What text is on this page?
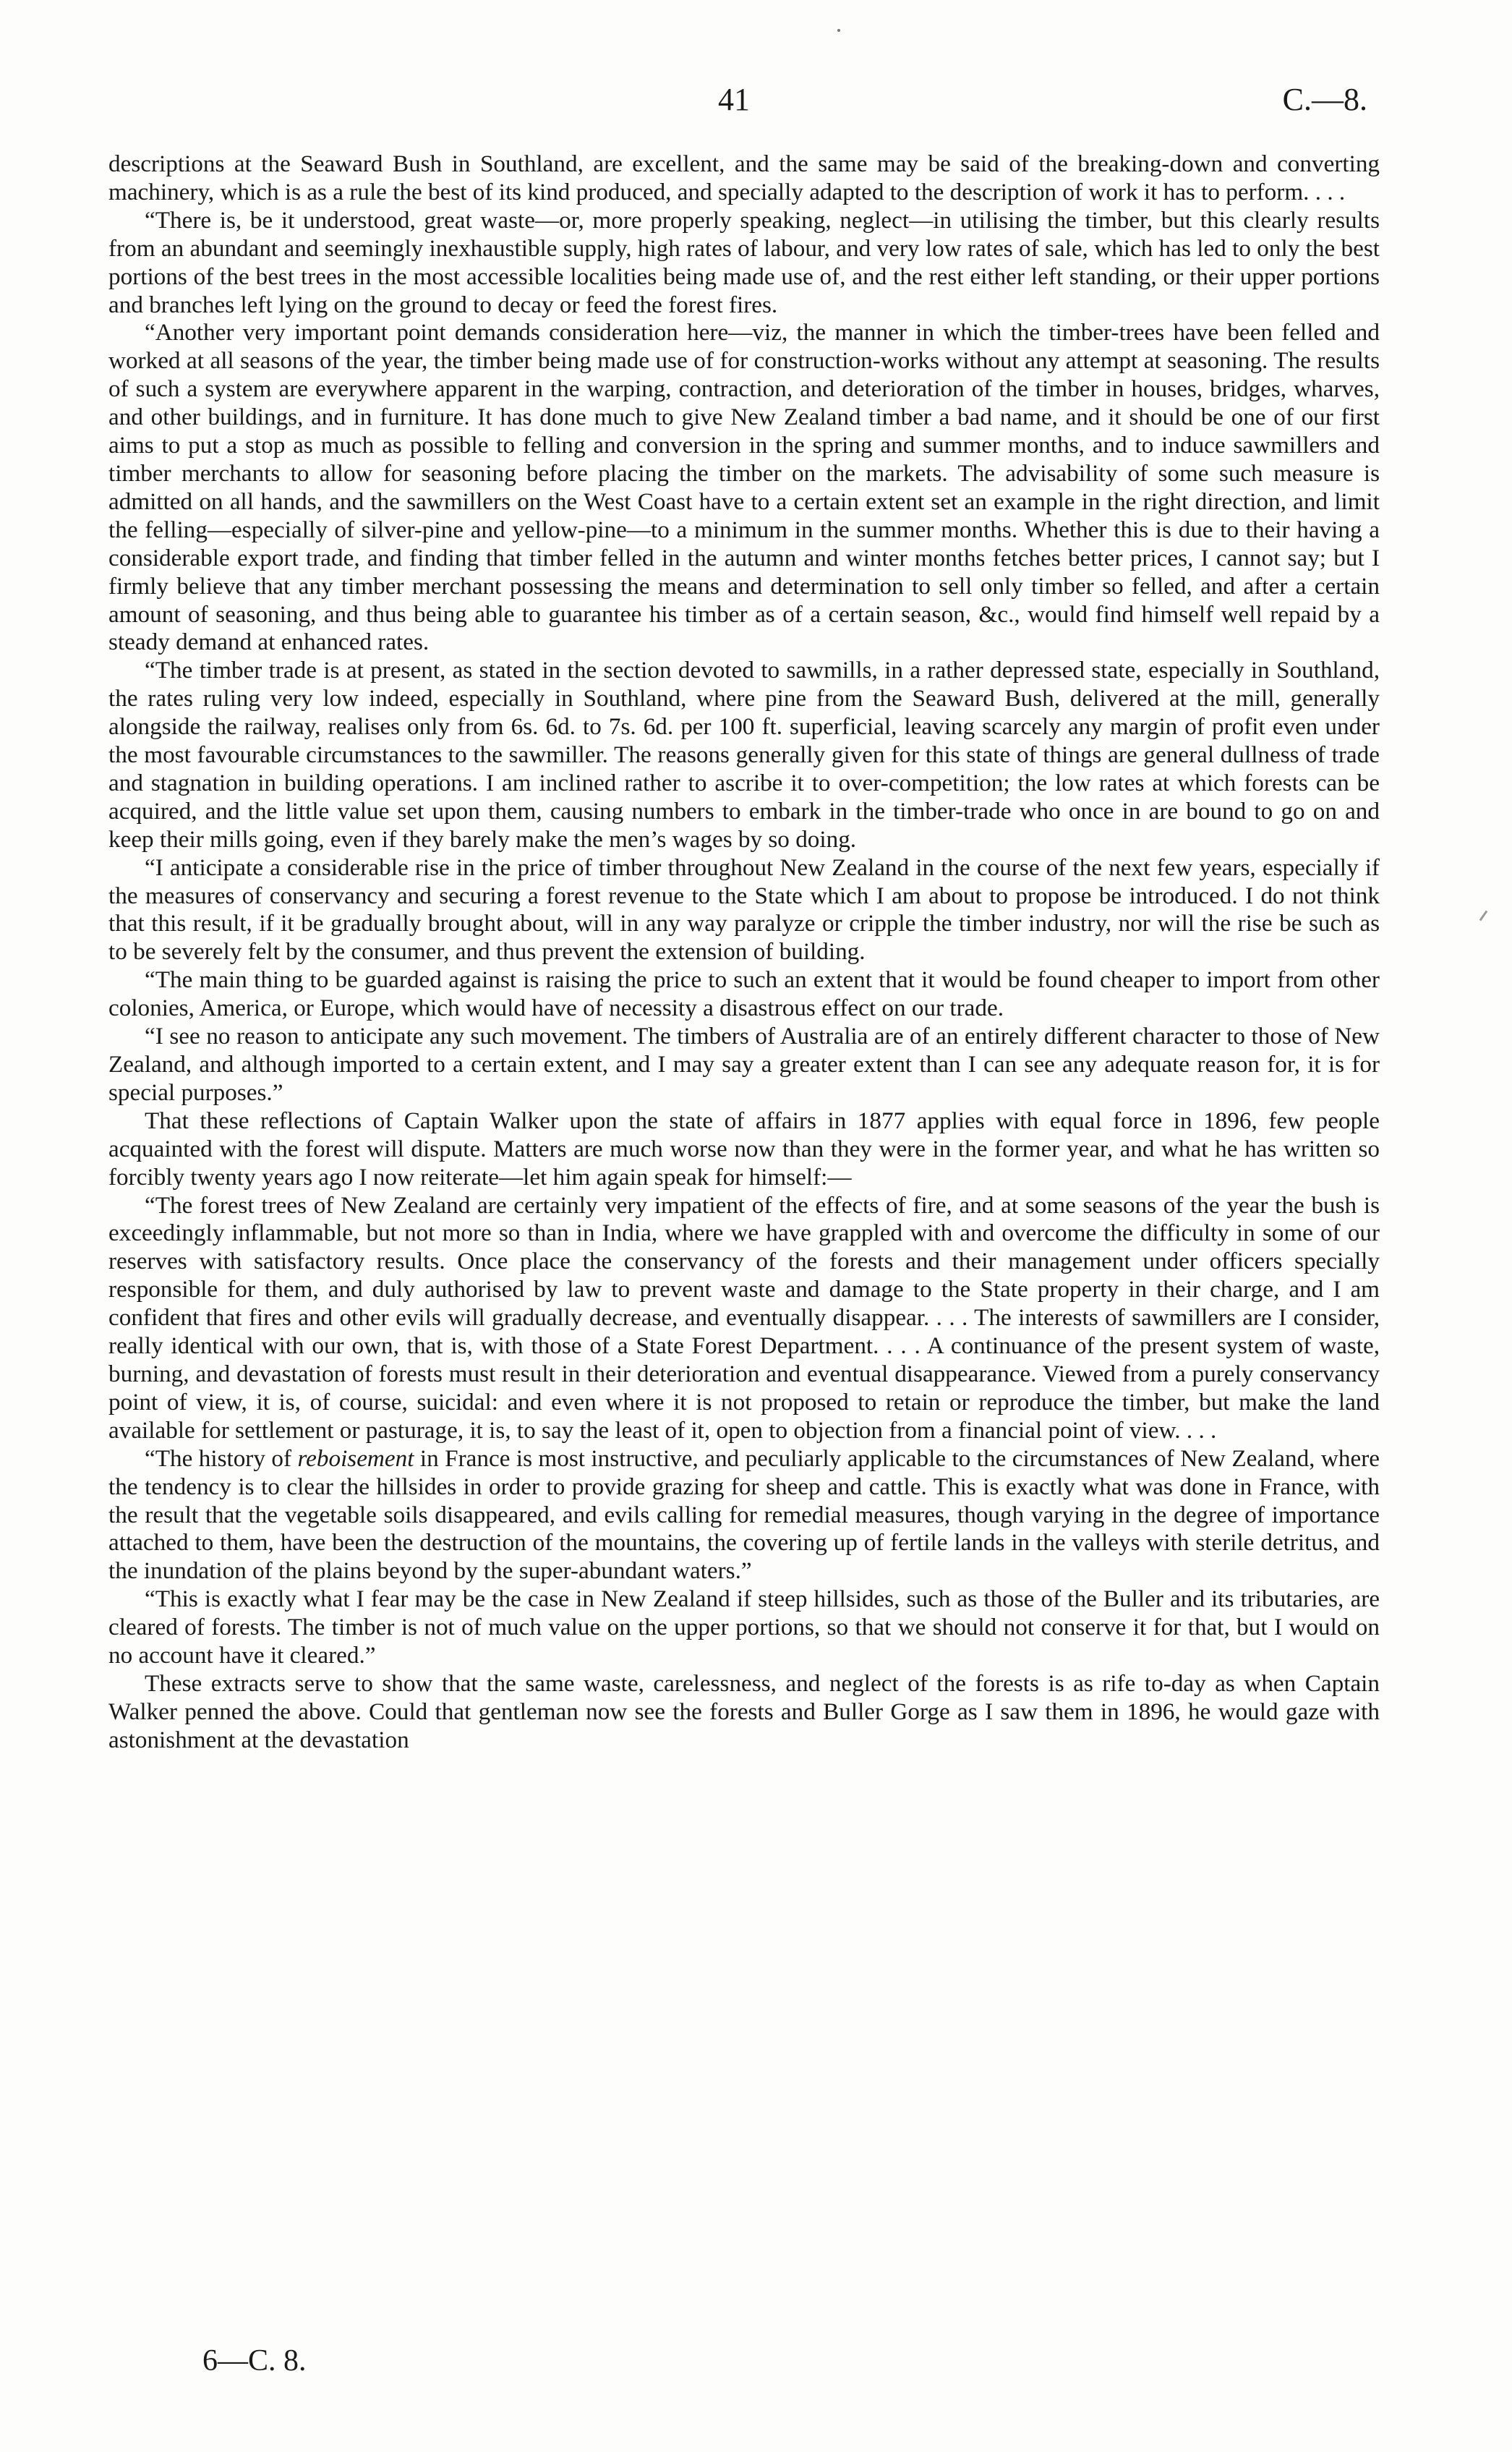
41	C.—8.

descriptions at the Seaward Bush in Southland, are excellent, and the same may be said of the breaking-down and converting machinery, which is as a rule the best of its kind produced, and specially adapted to the description of work it has to perform. . . .

“There is, be it understood, great waste—or, more properly speaking, neglect—in utilising the timber, but this clearly results from an abundant and seemingly inexhaustible supply, high rates of labour, and very low rates of sale, which has led to only the best portions of the best trees in the most accessible localities being made use of, and the rest either left standing, or their upper portions and branches left lying on the ground to decay or feed the forest fires.

“Another very important point demands consideration here—viz, the manner in which the timber-trees have been felled and worked at all seasons of the year, the timber being made use of for construction-works without any attempt at seasoning. The results of such a system are everywhere apparent in the warping, contraction, and deterioration of the timber in houses, bridges, wharves, and other buildings, and in furniture. It has done much to give New Zealand timber a bad name, and it should be one of our first aims to put a stop as much as possible to felling and conversion in the spring and summer months, and to induce sawmillers and timber merchants to allow for seasoning before placing the timber on the markets. The advisability of some such measure is admitted on all hands, and the sawmillers on the West Coast have to a certain extent set an example in the right direction, and limit the felling—especially of silver-pine and yellow-pine—to a minimum in the summer months. Whether this is due to their having a considerable export trade, and finding that timber felled in the autumn and winter months fetches better prices, I cannot say; but I firmly believe that any timber merchant possessing the means and determination to sell only timber so felled, and after a certain amount of seasoning, and thus being able to guarantee his timber as of a certain season, &c., would find himself well repaid by a steady demand at enhanced rates.

“The timber trade is at present, as stated in the section devoted to sawmills, in a rather depressed state, especially in Southland, the rates ruling very low indeed, especially in Southland, where pine from the Seaward Bush, delivered at the mill, generally alongside the railway, realises only from 6s. 6d. to 7s. 6d. per 100 ft. superficial, leaving scarcely any margin of profit even under the most favourable circumstances to the sawmiller. The reasons generally given for this state of things are general dullness of trade and stagnation in building operations. I am inclined rather to ascribe it to over-competition; the low rates at which forests can be acquired, and the little value set upon them, causing numbers to embark in the timber-trade who once in are bound to go on and keep their mills going, even if they barely make the men’s wages by so doing.

“I anticipate a considerable rise in the price of timber throughout New Zealand in the course of the next few years, especially if the measures of conservancy and securing a forest revenue to the State which I am about to propose be introduced. I do not think that this result, if it be gradually brought about, will in any way paralyze or cripple the timber industry, nor will the rise be such as to be severely felt by the consumer, and thus prevent the extension of building.

“The main thing to be guarded against is raising the price to such an extent that it would be found cheaper to import from other colonies, America, or Europe, which would have of necessity a disastrous effect on our trade.

“I see no reason to anticipate any such movement. The timbers of Australia are of an entirely different character to those of New Zealand, and although imported to a certain extent, and I may say a greater extent than I can see any adequate reason for, it is for special purposes.”

That these reflections of Captain Walker upon the state of affairs in 1877 applies with equal force in 1896, few people acquainted with the forest will dispute. Matters are much worse now than they were in the former year, and what he has written so forcibly twenty years ago I now reiterate—let him again speak for himself:—

“The forest trees of New Zealand are certainly very impatient of the effects of fire, and at some seasons of the year the bush is exceedingly inflammable, but not more so than in India, where we have grappled with and overcome the difficulty in some of our reserves with satisfactory results. Once place the conservancy of the forests and their management under officers specially responsible for them, and duly authorised by law to prevent waste and damage to the State property in their charge, and I am confident that fires and other evils will gradually decrease, and eventually disappear. . . . The interests of sawmillers are I consider, really identical with our own, that is, with those of a State Forest Department. . . . A continuance of the present system of waste, burning, and devastation of forests must result in their deterioration and eventual disappearance. Viewed from a purely conservancy point of view, it is, of course, suicidal: and even where it is not proposed to retain or reproduce the timber, but make the land available for settlement or pasturage, it is, to say the least of it, open to objection from a financial point of view. . . .

“The history of reboisement in France is most instructive, and peculiarly applicable to the circumstances of New Zealand, where the tendency is to clear the hillsides in order to provide grazing for sheep and cattle. This is exactly what was done in France, with the result that the vegetable soils disappeared, and evils calling for remedial measures, though varying in the degree of importance attached to them, have been the destruction of the mountains, the covering up of fertile lands in the valleys with sterile detritus, and the inundation of the plains beyond by the super-abundant waters.”

“This is exactly what I fear may be the case in New Zealand if steep hillsides, such as those of the Buller and its tributaries, are cleared of forests. The timber is not of much value on the upper portions, so that we should not conserve it for that, but I would on no account have it cleared.”

These extracts serve to show that the same waste, carelessness, and neglect of the forests is as rife to-day as when Captain Walker penned the above. Could that gentleman now see the forests and Buller Gorge as I saw them in 1896, he would gaze with astonishment at the devastation

6—C. 8.
